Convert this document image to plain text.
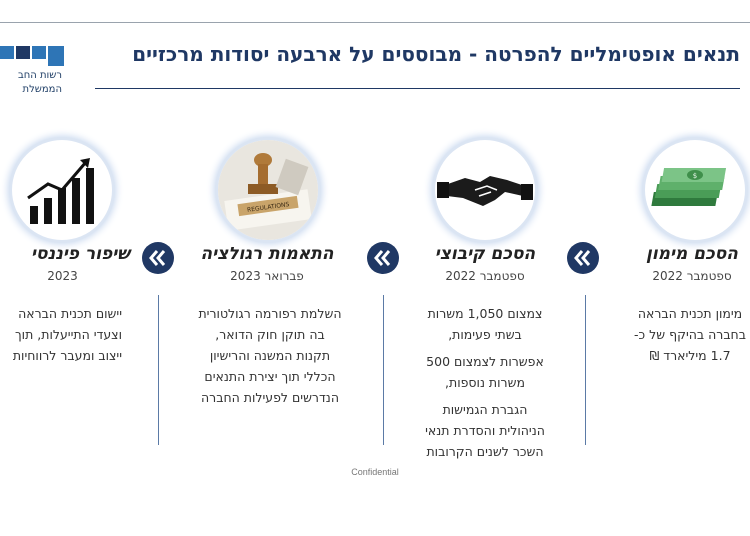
רשות החב
הממשלת
תנאים אופטימליים להפרטה - מבוססים על ארבעה יסודות מרכזיים
$
הסכם מימון
ספטמבר 2022
מימון תכנית הבראה
בחברה בהיקף של כ-
1.7 מיליארד ₪
הסכם קיבוצי
ספטמבר 2022

צמצום 1,050 משרות
בשתי פעימות,

אפשרות לצמצום 500
משרות נוספות,

הגברת הגמישות
הניהולית והסדרת תנאי
השכר לשנים הקרובות

REGULATIONS
התאמות רגולציה
פברואר 2023
השלמת רפורמה רגולטורית
בה תוקן חוק הדואר,
תקנות המשנה והרישיון
הכללי תוך יצירת התנאים
הנדרשים לפעילות החברה
שיפור פיננסי
2023
יישום תכנית הבראה
וצעדי התייעלות, תוך
ייצוב ומעבר לרווחיות
Confidential
